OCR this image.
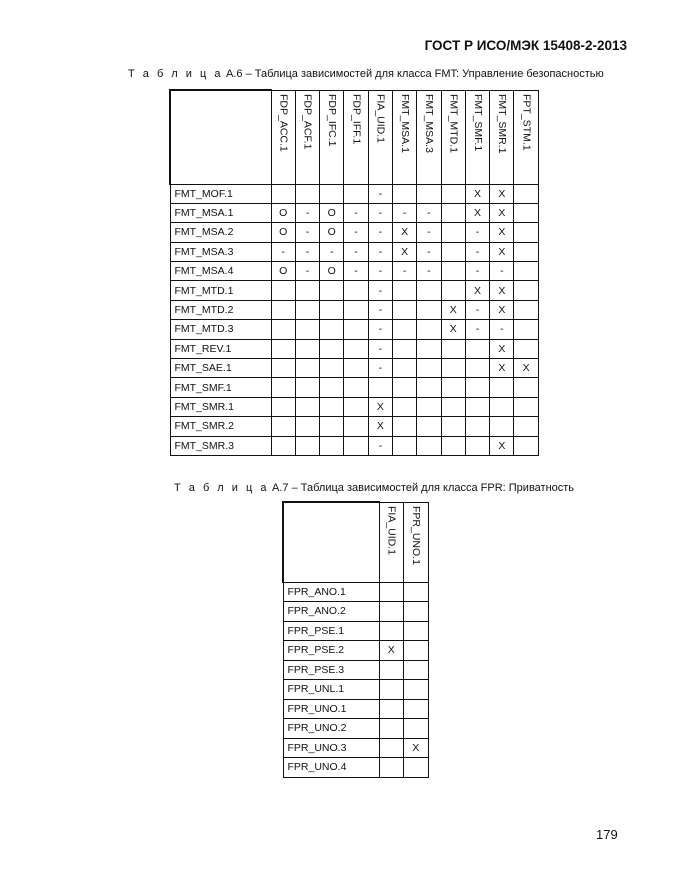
ГОСТ Р ИСО/МЭК 15408-2-2013
Т а б л и ц а А.6 – Таблица зависимостей для класса FMT: Управление безопасностью
	FDP_ACC.1	FDP_ACF.1	FDP_IFC.1	FDP_IFF.1	FIA_UID.1	FMT_MSA.1	FMT_MSA.3	FMT_MTD.1	FMT_SMF.1	FMT_SMR.1	FPT_STM.1
FMT_MOF.1					-				X	X	
FMT_MSA.1	O	-	O	-	-	-	-		X	X	
FMT_MSA.2	O	-	O	-	-	X	-		-	X	
FMT_MSA.3	-	-	-	-	-	X	-		-	X	
FMT_MSA.4	O	-	O	-	-	-	-		-	-	
FMT_MTD.1					-				X	X	
FMT_MTD.2					-			X	-	X	
FMT_MTD.3					-			X	-	-	
FMT_REV.1					-					X	
FMT_SAE.1					-					X	X
FMT_SMF.1											
FMT_SMR.1					X						
FMT_SMR.2					X						
FMT_SMR.3					-					X	
Т а б л и ц а А.7 – Таблица зависимостей для класса FPR: Приватность
	FIA_UID.1	FPR_UNO.1
FPR_ANO.1		
FPR_ANO.2		
FPR_PSE.1		
FPR_PSE.2	X	
FPR_PSE.3		
FPR_UNL.1		
FPR_UNO.1		
FPR_UNO.2		
FPR_UNO.3		X
FPR_UNO.4		
179
